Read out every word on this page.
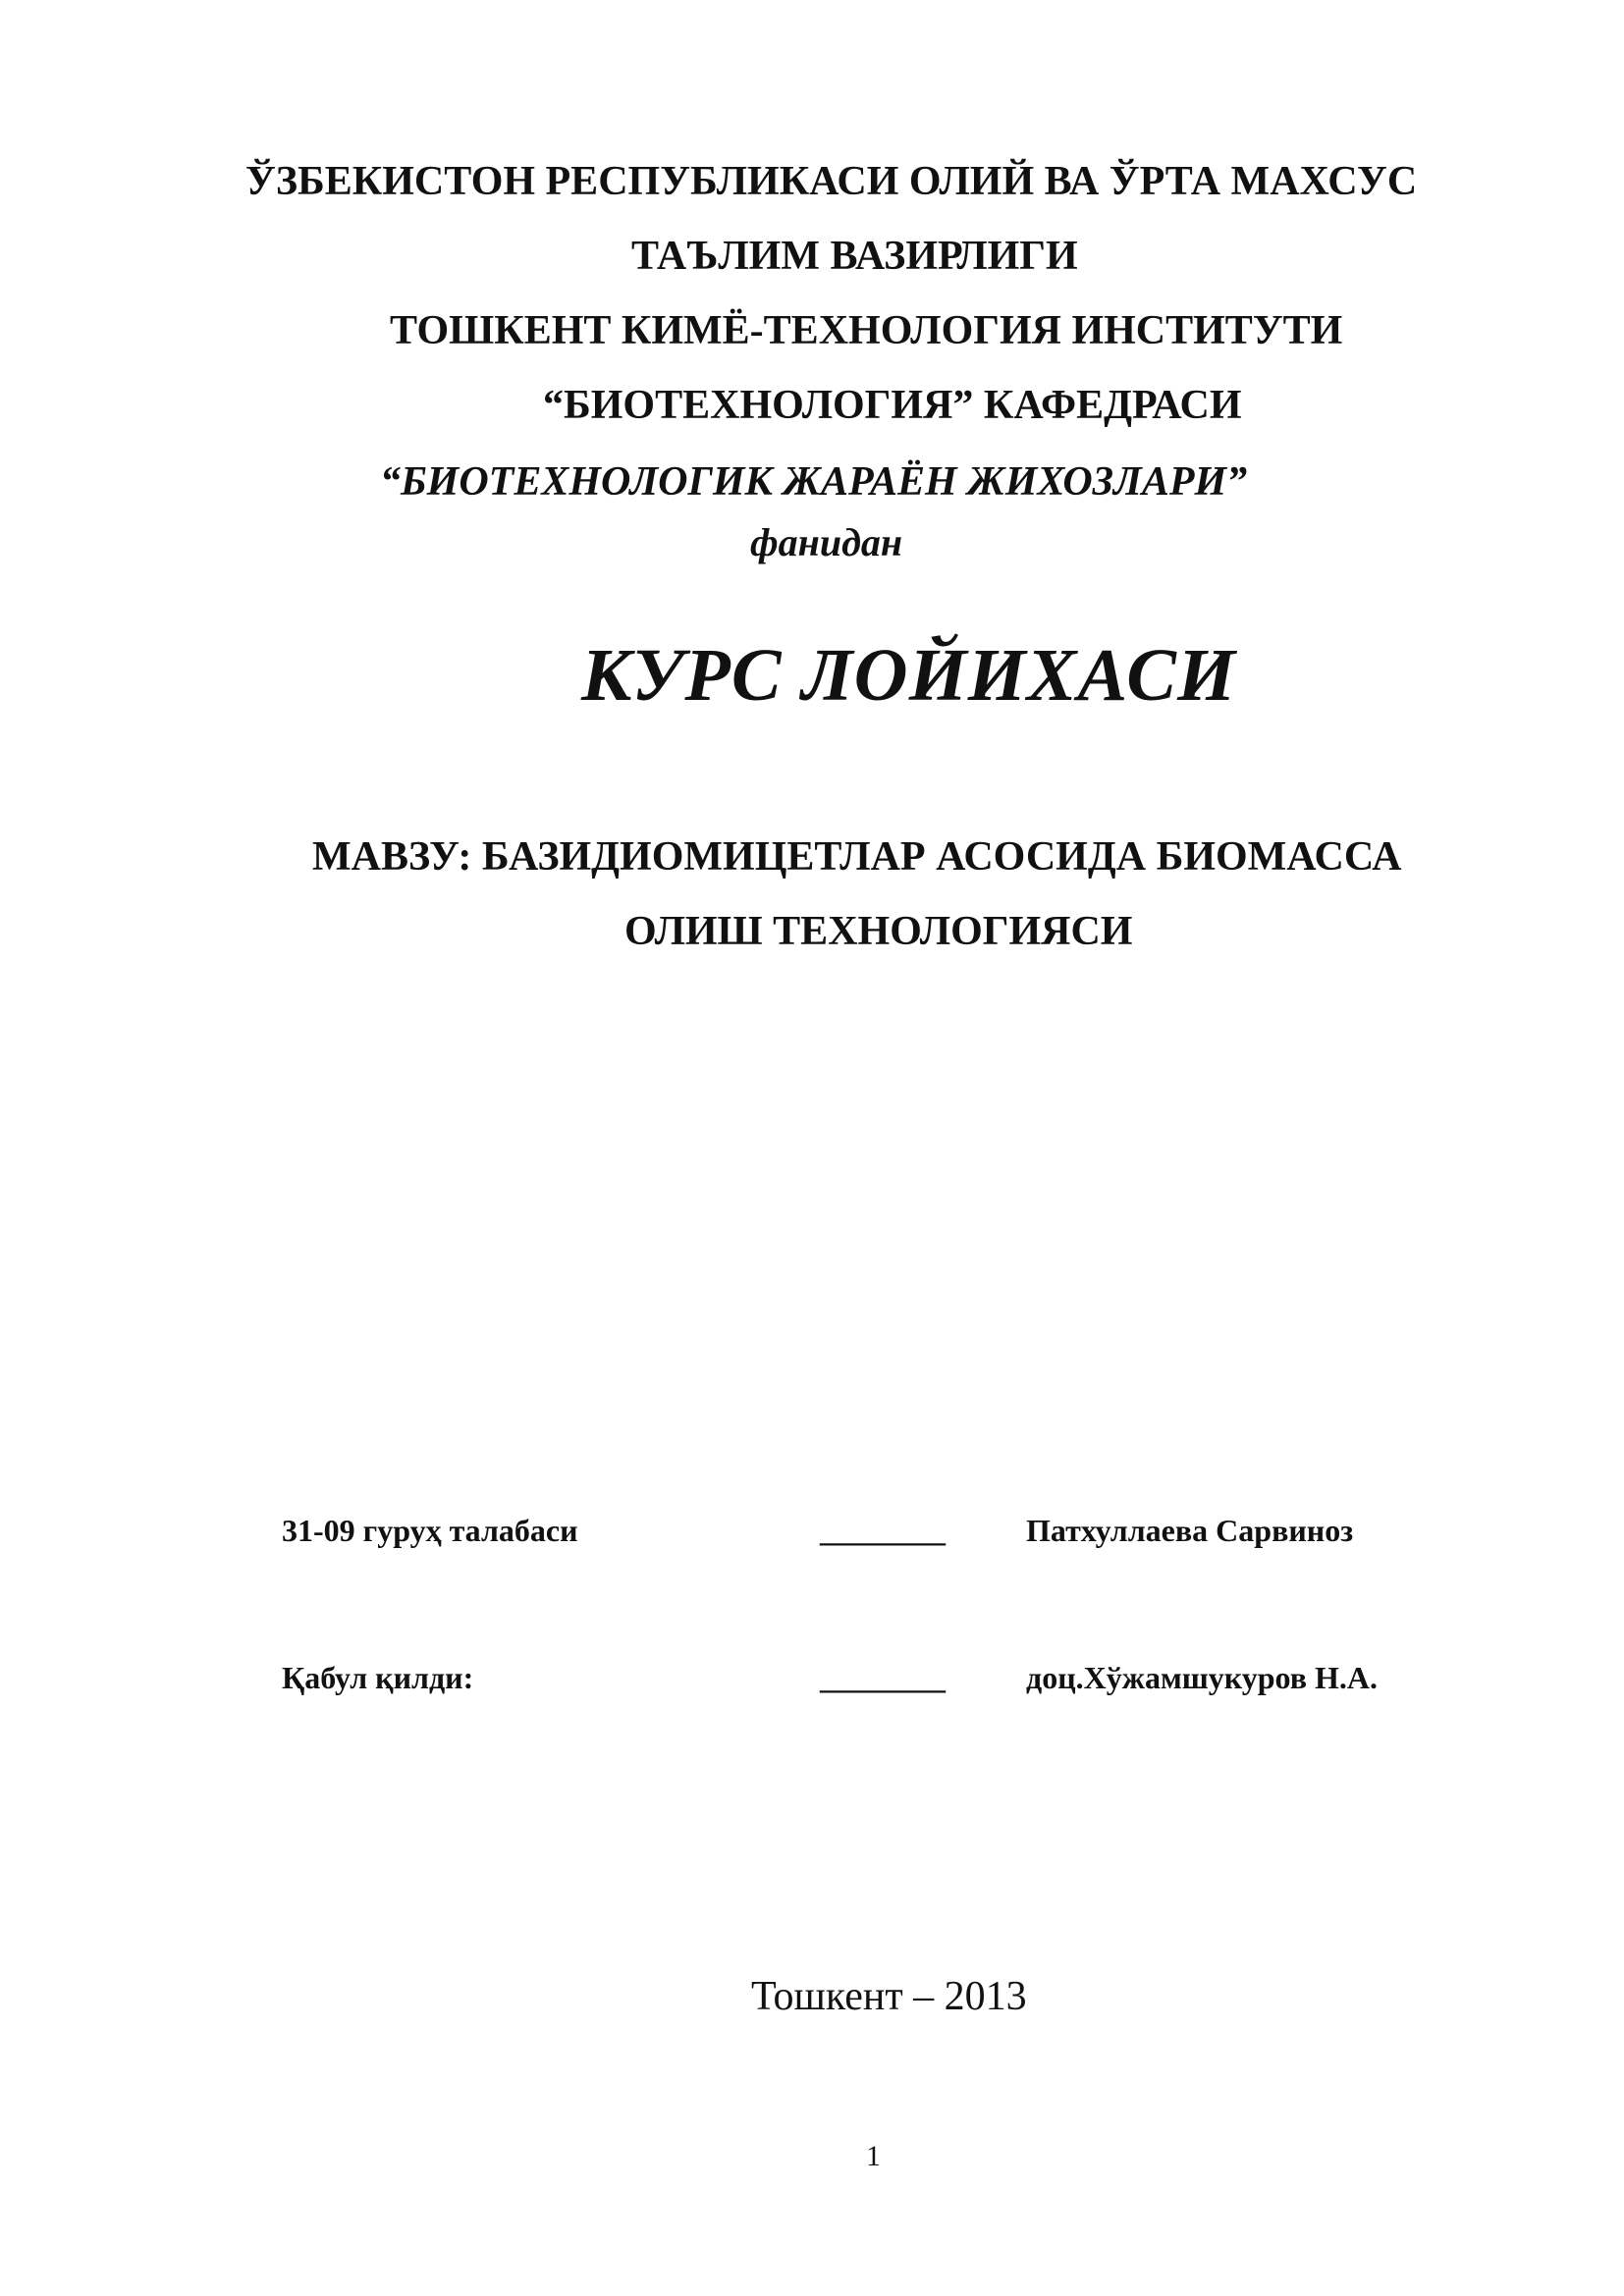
ЎЗБЕКИСТОН РЕСПУБЛИКАСИ ОЛИЙ ВА ЎРТА МАХСУС
ТАЪЛИМ ВАЗИРЛИГИ
ТОШКЕНТ КИМЁ-ТЕХНОЛОГИЯ ИНСТИТУТИ
“БИОТЕХНОЛОГИЯ” КАФЕДРАСИ
“БИОТЕХНОЛОГИК ЖАРАЁН ЖИХОЗЛАРИ”
фанидан
КУРС ЛОЙИХАСИ
МАВЗУ: БАЗИДИОМИЦЕТЛАР АСОСИДА БИОМАССА
ОЛИШ ТЕХНОЛОГИЯСИ
31-09 гуруҳ талабаси	________	Патхуллаева Сарвиноз
Қабул қилди:	________	доц.Хўжамшукуров Н.А.
Тошкент – 2013
1
